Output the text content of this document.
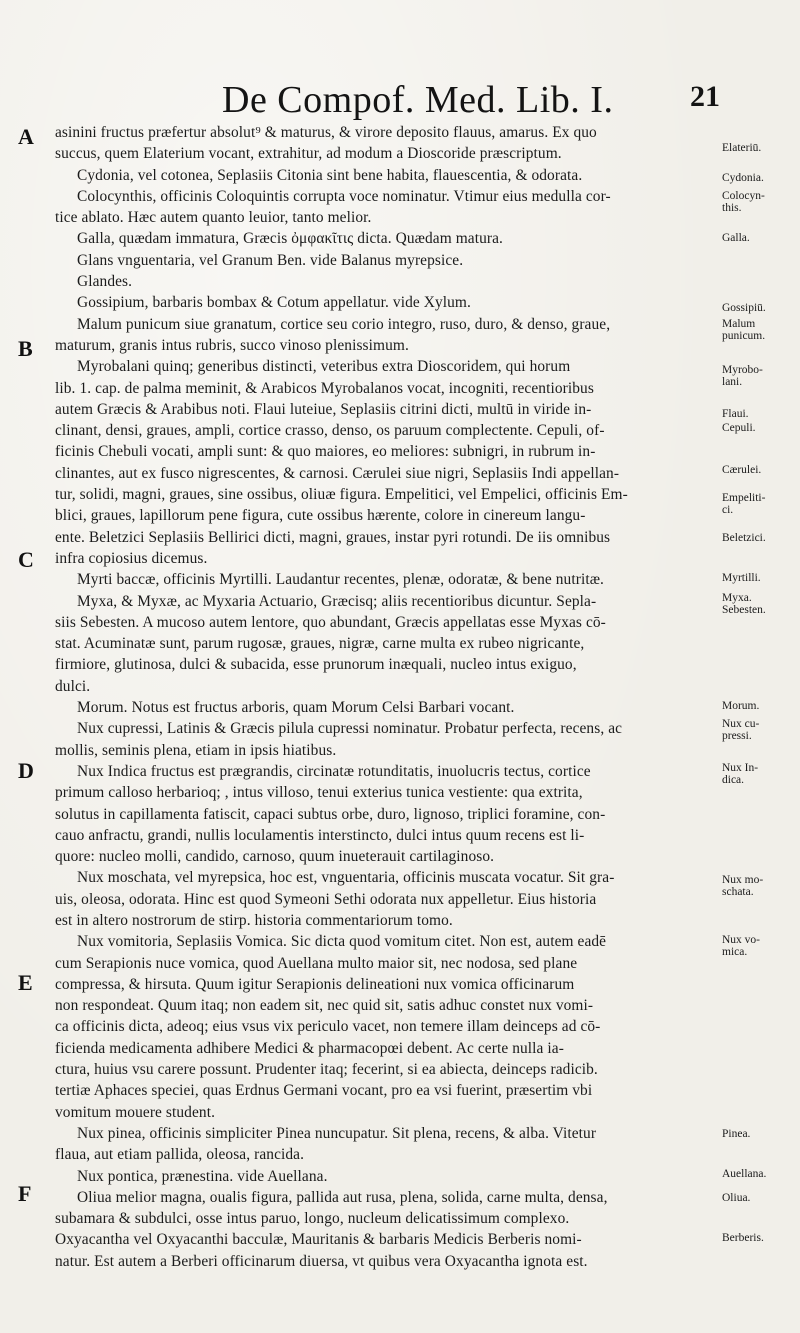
De Compof. Med. Lib. I.	21
A
B
C
D
E
F
asinini fructus præfertur absolut⁹ & maturus, & virore deposito flauus, amarus. Ex quo
succus, quem Elaterium vocant, extrahitur, ad modum a Dioscoride præscriptum.
Cydonia, vel cotonea, Seplasiis Citonia sint bene habita, flauescentia, & odorata.
Colocynthis, officinis Coloquintis corrupta voce nominatur. Vtimur eius medulla cor-
tice ablato. Hæc autem quanto leuior, tanto melior.
Galla, quædam immatura, Græcis ὀμφακῖτις dicta. Quædam matura.
Glans vnguentaria, vel Granum Ben. vide Balanus myrepsice.
Glandes.
Gossipium, barbaris bombax & Cotum appellatur. vide Xylum.
Malum punicum siue granatum, cortice seu corio integro, ruso, duro, & denso, graue,
maturum, granis intus rubris, succo vinoso plenissimum.
Myrobalani quinq; generibus distincti, veteribus extra Dioscoridem, qui horum
lib. 1. cap. de palma meminit, & Arabicos Myrobalanos vocat, incogniti, recentioribus
autem Græcis & Arabibus noti. Flaui luteiue, Seplasiis citrini dicti, multū in viride in-
clinant, densi, graues, ampli, cortice crasso, denso, os paruum complectente. Cepuli, of-
ficinis Chebuli vocati, ampli sunt: & quo maiores, eo meliores: subnigri, in rubrum in-
clinantes, aut ex fusco nigrescentes, & carnosi. Cærulei siue nigri, Seplasiis Indi appellan-
tur, solidi, magni, graues, sine ossibus, oliuæ figura. Empelitici, vel Empelici, officinis Em-
blici, graues, lapillorum pene figura, cute ossibus hærente, colore in cinereum langu-
ente. Beletzici Seplasiis Bellirici dicti, magni, graues, instar pyri rotundi. De iis omnibus
infra copiosius dicemus.
Myrti baccæ, officinis Myrtilli. Laudantur recentes, plenæ, odoratæ, & bene nutritæ.
Myxa, & Myxæ, ac Myxaria Actuario, Græcisq; aliis recentioribus dicuntur. Sepla-
siis Sebesten. A mucoso autem lentore, quo abundant, Græcis appellatas esse Myxas cō-
stat. Acuminatæ sunt, parum rugosæ, graues, nigræ, carne multa ex rubeo nigricante,
firmiore, glutinosa, dulci & subacida, esse prunorum inæquali, nucleo intus exiguo,
dulci.
Morum. Notus est fructus arboris, quam Morum Celsi Barbari vocant.
Nux cupressi, Latinis & Græcis pilula cupressi nominatur. Probatur perfecta, recens, ac
mollis, seminis plena, etiam in ipsis hiatibus.
Nux Indica fructus est prægrandis, circinatæ rotunditatis, inuolucris tectus, cortice
primum calloso herbarioq; , intus villoso, tenui exterius tunica vestiente: qua extrita,
solutus in capillamenta fatiscit, capaci subtus orbe, duro, lignoso, triplici foramine, con-
cauo anfractu, grandi, nullis loculamentis interstincto, dulci intus quum recens est li-
quore: nucleo molli, candido, carnoso, quum inueterauit cartilaginoso.
Nux moschata, vel myrepsica, hoc est, vnguentaria, officinis muscata vocatur. Sit gra-
uis, oleosa, odorata. Hinc est quod Symeoni Sethi odorata nux appelletur. Eius historia
est in altero nostrorum de stirp. historia commentariorum tomo.
Nux vomitoria, Seplasiis Vomica. Sic dicta quod vomitum citet. Non est, autem eadē
cum Serapionis nuce vomica, quod Auellana multo maior sit, nec nodosa, sed plane
compressa, & hirsuta. Quum igitur Serapionis delineationi nux vomica officinarum
non respondeat. Quum itaq; non eadem sit, nec quid sit, satis adhuc constet nux vomi-
ca officinis dicta, adeoq; eius vsus vix periculo vacet, non temere illam deinceps ad cō-
ficienda medicamenta adhibere Medici & pharmacopœi debent. Ac certe nulla ia-
ctura, huius vsu carere possunt. Prudenter itaq; fecerint, si ea abiecta, deinceps radicib.
tertiæ Aphaces speciei, quas Erdnus Germani vocant, pro ea vsi fuerint, præsertim vbi
vomitum mouere student.
Nux pinea, officinis simpliciter Pinea nuncupatur. Sit plena, recens, & alba. Vitetur
flaua, aut etiam pallida, oleosa, rancida.
Nux pontica, prænestina. vide Auellana.
Oliua melior magna, oualis figura, pallida aut rusa, plena, solida, carne multa, densa,
subamara & subdulci, osse intus paruo, longo, nucleum delicatissimum complexo.
Oxyacantha vel Oxyacanthi bacculæ, Mauritanis & barbaris Medicis Berberis nomi-
natur. Est autem a Berberi officinarum diuersa, vt quibus vera Oxyacantha ignota est.
Elateriū.
Cydonia.
Colocyn-
this.
Galla.
Gossipiū.
Malum
punicum.
Myrobo-
lani.
Flaui.
Cepuli.
Cærulei.
Empeliti-
ci.
Beletzici.
Myrtilli.
Myxa.
Sebesten.
Morum.
Nux cu-
pressi.
Nux In-
dica.
Nux mo-
schata.
Nux vo-
mica.
Pinea.
Auellana.
Oliua.
Berberis.
